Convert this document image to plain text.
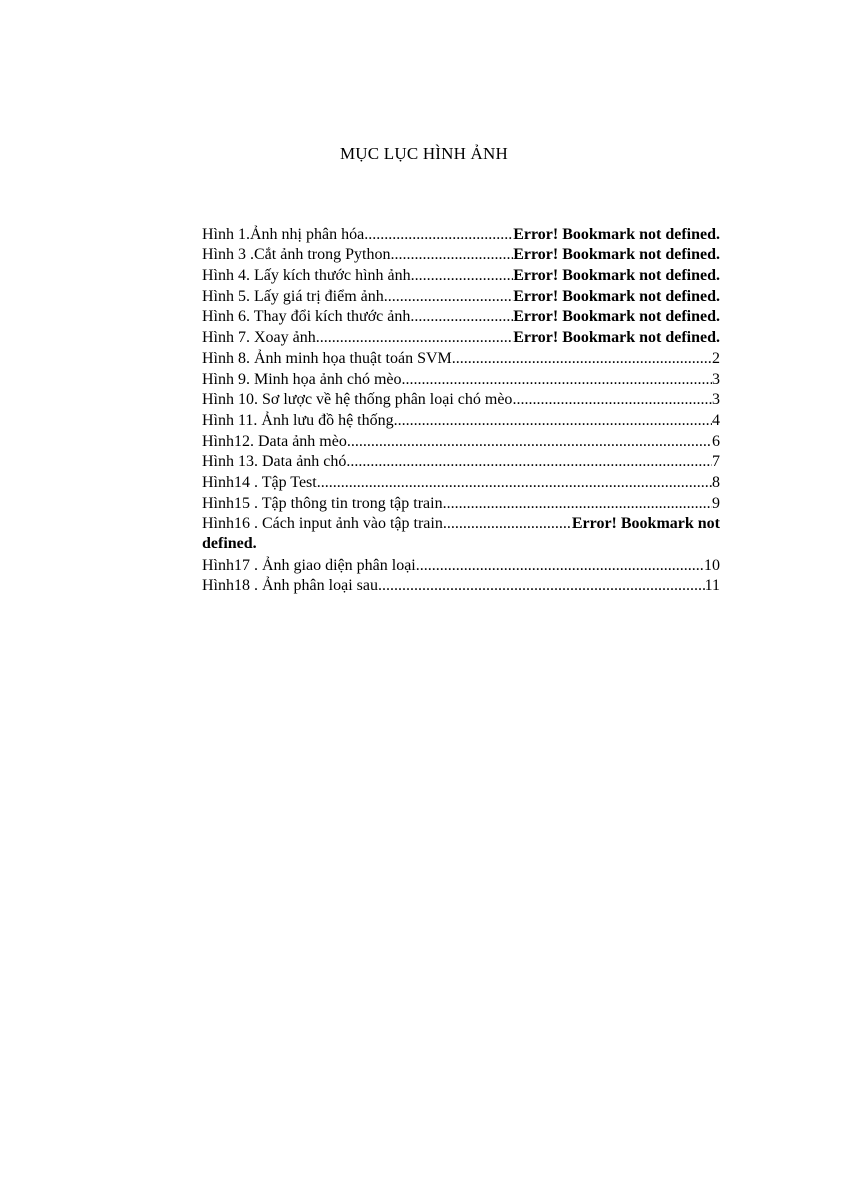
MỤC LỤC HÌNH ẢNH
Hình 1.Ảnh nhị phân hóa .....	Error! Bookmark not defined.
Hình 3 .Cắt ảnh trong Python .....	Error! Bookmark not defined.
Hình 4. Lấy kích thước hình ảnh .....	Error! Bookmark not defined.
Hình 5. Lấy giá trị điểm ảnh .....	Error! Bookmark not defined.
Hình 6. Thay đổi kích thước ảnh .....	Error! Bookmark not defined.
Hình 7. Xoay ảnh .....	Error! Bookmark not defined.
Hình 8. Ảnh minh họa thuật toán SVM .....	2
Hình 9. Minh họa ảnh chó mèo .....	3
Hình 10. Sơ lược về hệ thống phân loại chó mèo .....	3
Hình 11. Ảnh lưu đồ hệ thống .....	4
Hình12. Data ảnh mèo .....	6
Hình 13. Data ảnh chó .....	7
Hình14 . Tập Test .....	8
Hình15 . Tập thông tin trong tập train .....	9
Hình16 . Cách input ảnh vào tập train .....	Error! Bookmark not
defined.
Hình17 . Ảnh giao diện phân loại .....	10
Hình18 . Ảnh phân loại sau .....	11
